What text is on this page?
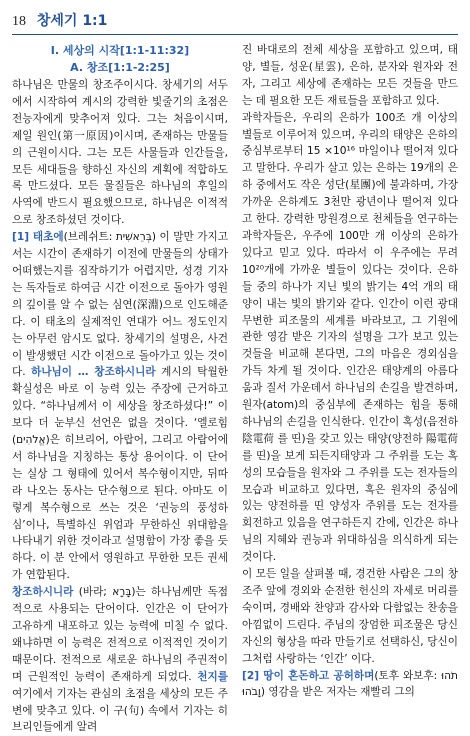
18 창세기 1:1
I. 세상의 시작[1:1-11:32]
A. 창조[1:1-2:25]

하나님은 만물의 창조주이시다. 창세기의 서두에서 시작하여 계시의 강력한 빛줄기의 초점은 전능자에게 맞추어져 있다. 그는 처음이시며, 제일 원인(第一原因)이시며, 존재하는 만물들의 근원이시다. 그는 모든 사물들과 인간들을, 모든 세대들을 향하신 자신의 계획에 적합하도록 만드셨다. 모든 물질들은 하나님의 후일의 사역에 반드시 필요했으므로, 하나님은 이적적으로 창조하셨던 것이다.

[1] 태초에(브레쉬트: בְּרֵאשִׁית) 이 말만 가지고서는 시간이 존재하기 이전에 만물들의 상태가 어떠했는지를 짐작하기가 어렵지만, 성경 기자는 독자들로 하여금 시간 이전으로 돌아가 영원의 깊이를 알 수 없는 심연(深淵)으로 인도해준다. 이 태초의 실제적인 연대가 어느 정도인지는 아무런 암시도 없다. 창세기의 설명은, 사건이 발생했던 시간 이전으로 돌아가고 있는 것이다. 하나님이 … 창조하시니라 계시의 탁월한 확실성은 바로 이 능력 있는 주장에 근거하고 있다. “하나님께서 이 세상을 창조하셨다!” 이보다 더 눈부신 선언은 없을 것이다. ‘엘로힘(אֱלֹהִים)은 히브리어, 아랍어, 그리고 아람어에서 하나님을 지칭하는 통상 용어이다. 이 단어는 실상 그 형태에 있어서 복수형이지만, 뒤따라 나오는 동사는 단수형으로 된다. 아마도 이렇게 복수형으로 쓰는 것은 ‘권능의 풍성하심’이나, 특별하신 위엄과 무한하신 위대함을 나타내기 위한 것이라고 설명함이 가장 좋을 듯하다. 이 분 안에서 영원하고 무한한 모든 권세가 연합된다.

창조하시니라 (바라; בָּרָא)는 하나님께만 독점적으로 사용되는 단어이다. 인간은 이 단어가 고유하게 내포하고 있는 능력에 미칠 수 없다. 왜냐하면 이 능력은 전적으로 이적적인 것이기 때문이다. 전적으로 새로운 하나님의 주권적이며 근원적인 능력이 존재하게 되었다. 천지를 여기에서 기자는 관심의 초점을 세상의 모든 주변에 맞추고 있다. 이 구(句) 속에서 기자는 히브리인들에게 알려

진 바대로의 전체 세상을 포함하고 있으며, 태양, 별들, 성운(星雲), 은하, 분자와 원자와 전자, 그리고 세상에 존재하는 모든 것들을 만드는 데 필요한 모든 재료들을 포함하고 있다.

과학자들은, 우리의 은하가 100조 개 이상의 별들로 이루어져 있으며, 우리의 태양은 은하의 중심부로부터 15 ×10¹⁶ 마일이나 떨어져 있다고 말한다. 우리가 살고 있는 은하는 19개의 은하 중에서도 작은 성단(星團)에 불과하며, 가장 가까운 은하계도 3천만 광년이나 떨어져 있다고 한다. 강력한 망원경으로 천체들을 연구하는 과학자들은, 우주에 100만 개 이상의 은하가 있다고 믿고 있다. 따라서 이 우주에는 무려 10²⁰개에 가까운 별들이 있다는 것이다. 은하들 중의 하나가 지닌 빛의 밝기는 4억 개의 태양이 내는 빛의 밝기와 같다. 인간이 이런 광대무변한 피조물의 세계를 바라보고, 그 기원에 관한 영감 받은 기자의 설명을 그가 보고 있는 것들을 비교해 본다면, 그의 마음은 경외심을 가득 차게 될 것이다. 인간은 태양계의 아름다움과 질서 가운데서 하나님의 손길을 발견하며, 원자(atom)의 중심부에 존재하는 힘을 통해 하나님의 손길을 인식한다. 인간이 혹성(음전하 陰電荷 를 띤)을 갖고 있는 태양(양전하 陽電荷 를 띤)을 보게 되든지태양과 그 주위를 도는 혹성의 모습들을 원자와 그 주위를 도는 전자들의 모습과 비교하고 있다면, 혹은 원자의 중심에 있는 양전하를 띤 양성자 주위를 도는 전자를 회전하고 있음을 연구하든지 간에, 인간은 하나님의 지혜와 권능과 위대하심을 의식하게 되는 것이다.

이 모든 일을 살펴볼 때, 경건한 사람은 그의 창조주 앞에 경외와 순전한 헌신의 자세로 머리를 숙이며, 경배와 찬양과 감사와 다함없는 찬송을 아낌없이 드린다. 주님의 장엄한 피조물은 당신 자신의 형상을 따라 만들기로 선택하신, 당신이 그처럼 사랑하는 ‘인간’ 이다.

[2] 땅이 혼돈하고 공허하며(토후 와보후: תֹהוּ וָבֹהוּ) 영감을 받은 저자는 재빨리 그의
